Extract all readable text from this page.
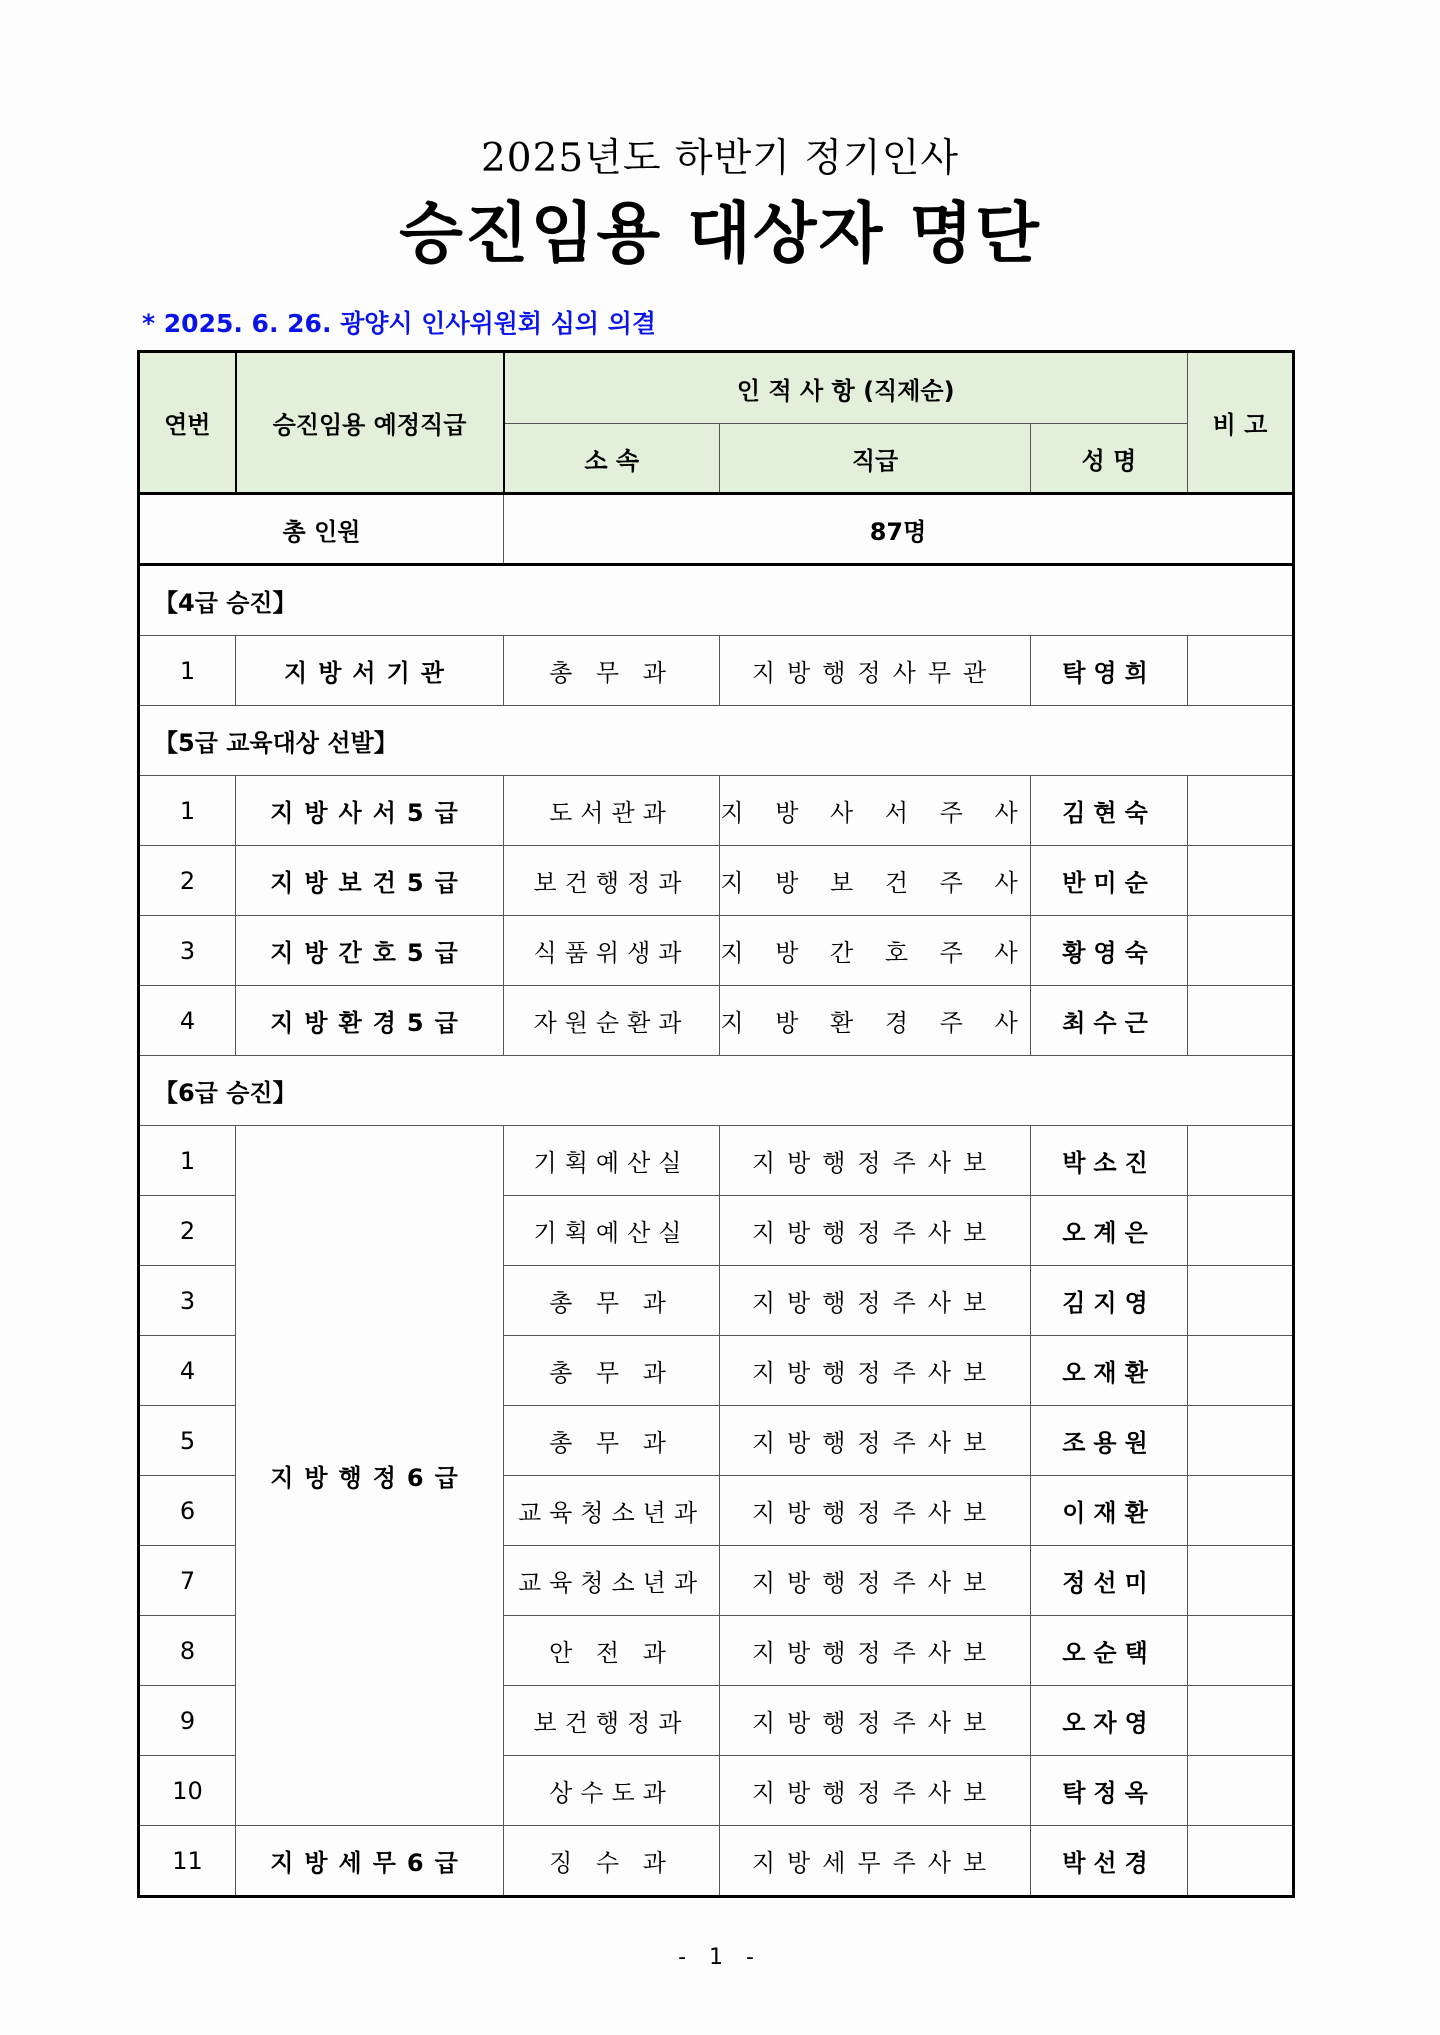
2025년도 하반기 정기인사
승진임용 대상자 명단
* 2025. 6. 26. 광양시 인사위원회 심의 의결
연번	승진임용 예정직급	인 적 사 항 (직제순)			비 고
		소 속	직급	성 명	
총 인원		87명			
【4급 승진】					
1	지방서기관	총 무 과	지방행정사무관	탁영희	
【5급 교육대상 선발】					
1	지방사서5급	도서관과	지 방 사 서 주 사	김현숙	
2	지방보건5급	보건행정과	지 방 보 건 주 사	반미순	
3	지방간호5급	식품위생과	지 방 간 호 주 사	황영숙	
4	지방환경5급	자원순환과	지 방 환 경 주 사	최수근	
【6급 승진】					
1	지방행정6급	기획예산실	지방행정주사보	박소진	
2		기획예산실	지방행정주사보	오계은	
3		총 무 과	지방행정주사보	김지영	
4		총 무 과	지방행정주사보	오재환	
5		총 무 과	지방행정주사보	조용원	
6		교육청소년과	지방행정주사보	이재환	
7		교육청소년과	지방행정주사보	정선미	
8		안 전 과	지방행정주사보	오순택	
9		보건행정과	지방행정주사보	오자영	
10		상수도과	지방행정주사보	탁정옥	
11	지방세무6급	징 수 과	지방세무주사보	박선경	
- 1 -
